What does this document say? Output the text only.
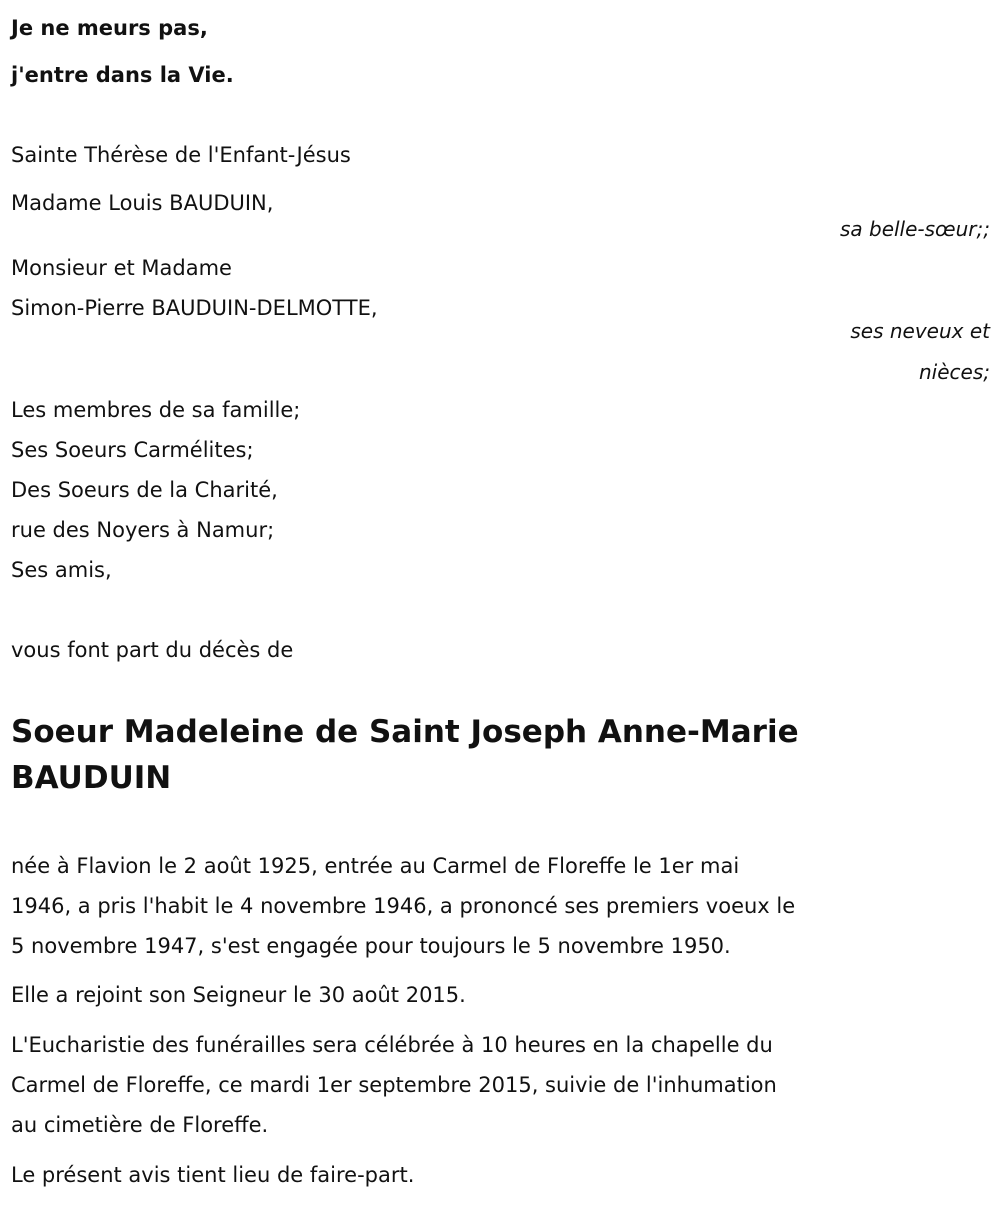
Je ne meurs pas,
j'entre dans la Vie.
Sainte Thérèse de l'Enfant-Jésus
Madame Louis BAUDUIN,
sa belle-sœur;;
Monsieur et Madame
Simon-Pierre BAUDUIN-DELMOTTE,
ses neveux et
nièces;
Les membres de sa famille;
Ses Soeurs Carmélites;
Des Soeurs de la Charité,
rue des Noyers à Namur;
Ses amis,
vous font part du décès de
Soeur Madeleine de Saint Joseph Anne-Marie
BAUDUIN
née à Flavion le 2 août 1925, entrée au Carmel de Floreffe le 1er mai
1946, a pris l'habit le 4 novembre 1946, a prononcé ses premiers voeux le
5 novembre 1947, s'est engagée pour toujours le 5 novembre 1950.
Elle a rejoint son Seigneur le 30 août 2015.
L'Eucharistie des funérailles sera célébrée à 10 heures en la chapelle du
Carmel de Floreffe, ce mardi 1er septembre 2015, suivie de l'inhumation
au cimetière de Floreffe.
Le présent avis tient lieu de faire-part.
